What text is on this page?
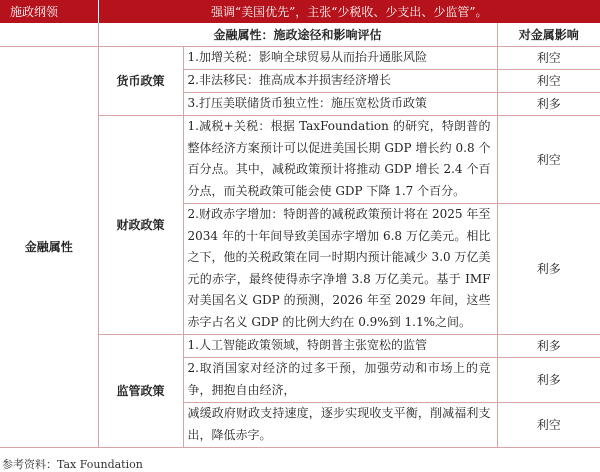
施政纲领	强调“美国优先”，主张“少税收、少支出、少监管”。		
	金融属性：施政途径和影响评估		对金属影响
金融属性	货币政策	1.加增关税：影响全球贸易从而抬升通胀风险	利空
		2.非法移民：推高成本并损害经济增长	利空
		3.打压美联储货币独立性：施压宽松货币政策	利多
	财政政策	1.减税+关税：根据 TaxFoundation 的研究，特朗普的整体经济方案预计可以促进美国长期 GDP 增长约 0.8 个百分点。其中，减税政策预计将推动 GDP 增长 2.4 个百分点，而关税政策可能会使 GDP 下降 1.7 个百分。	利空
		2.财政赤字增加：特朗普的减税政策预计将在 2025 年至 2034 年的十年间导致美国赤字增加 6.8 万亿美元。相比之下，他的关税政策在同一时期内预计能减少 3.0 万亿美元的赤字，最终使得赤字净增 3.8 万亿美元。基于 IMF 对美国名义 GDP 的预测，2026 年至 2029 年间，这些赤字占名义 GDP 的比例大约在 0.9%到 1.1%之间。	利多
	监管政策	1.人工智能政策领域，特朗普主张宽松的监管	利多
		2.取消国家对经济的过多干预，加强劳动和市场上的竞争，拥抱自由经济，	利多
		减缓政府财政支持速度，逐步实现收支平衡，削减福利支出，降低赤字。	利空
参考资料：Tax Foundation
